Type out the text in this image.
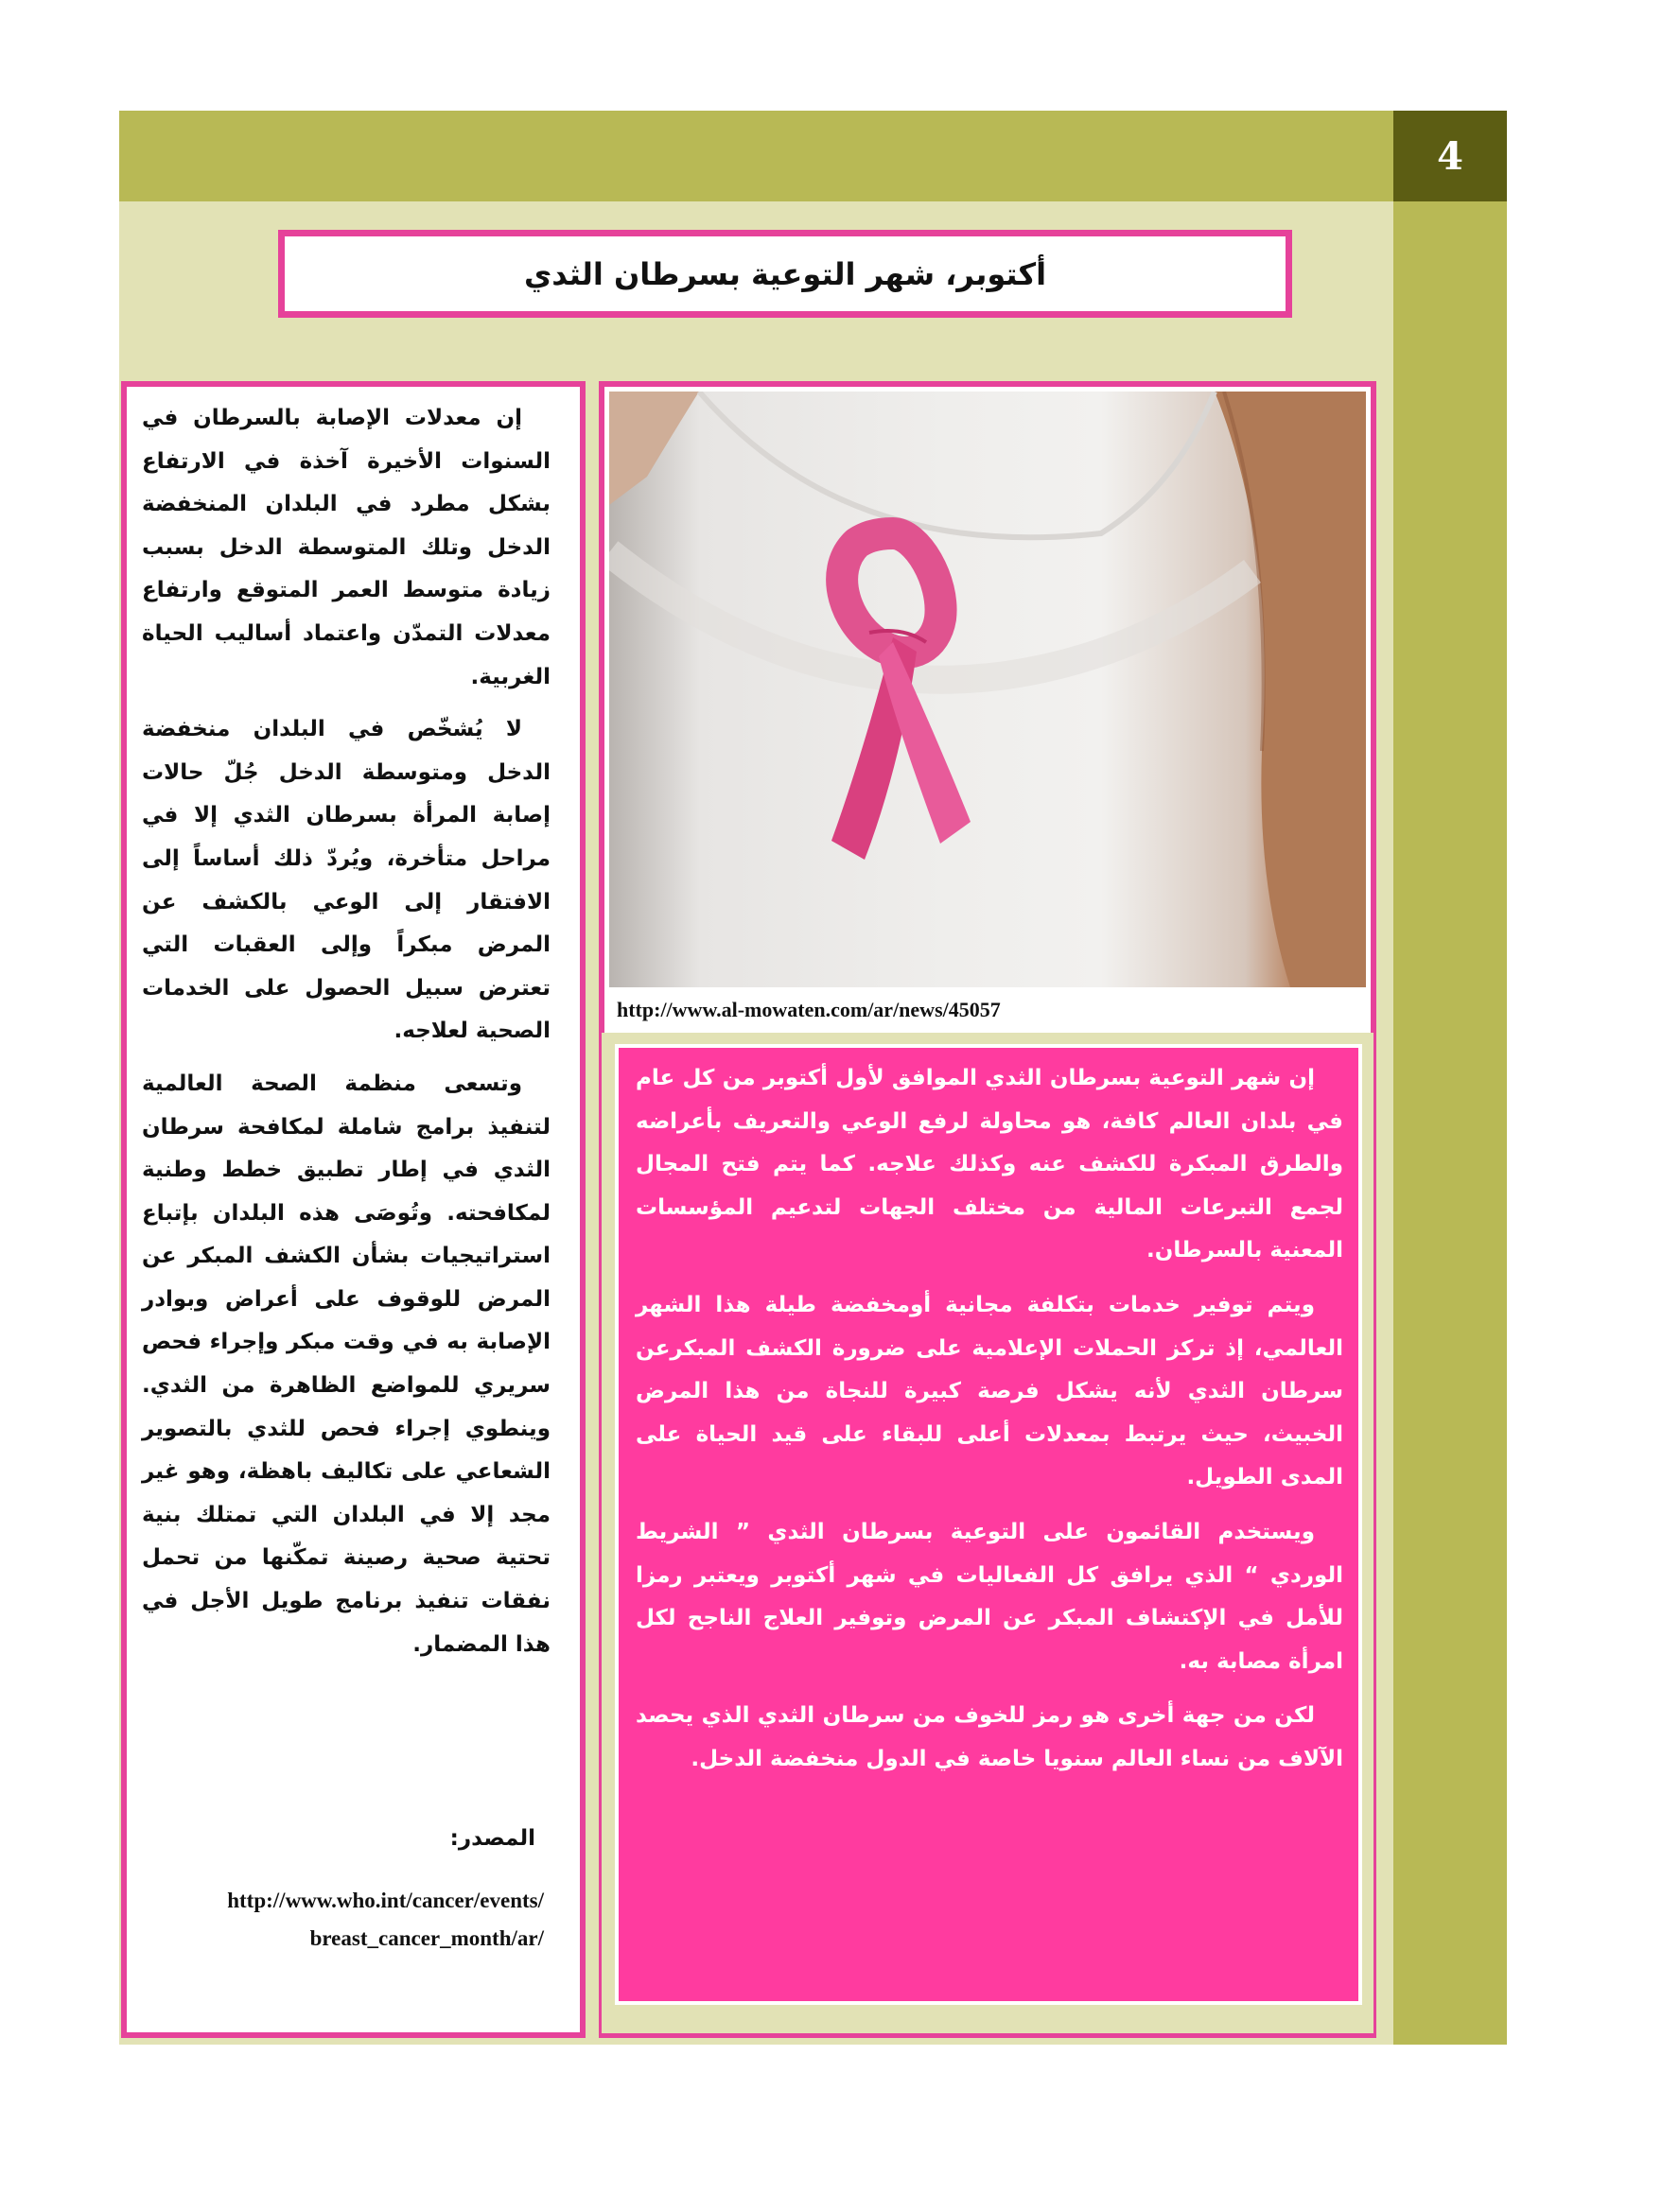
4
أكتوبر، شهر التوعية بسرطان الثدي

إن معدلات الإصابة بالسرطان في السنوات الأخيرة آخذة في الارتفاع بشكل مطرد في البلدان المنخفضة الدخل وتلك المتوسطة الدخل بسبب زيادة متوسط العمر المتوقع وارتفاع معدلات التمدّن واعتماد أساليب الحياة الغربية.

لا يُشخّص في البلدان منخفضة الدخل ومتوسطة الدخل جُلّ حالات إصابة المرأة بسرطان الثدي إلا في مراحل متأخرة، ويُردّ ذلك أساساً إلى الافتقار إلى الوعي بالكشف عن المرض مبكراً وإلى العقبات التي تعترض سبيل الحصول على الخدمات الصحية لعلاجه.

وتسعى منظمة الصحة العالمية لتنفيذ برامج شاملة لمكافحة سرطان الثدي في إطار تطبيق خطط وطنية لمكافحته. وتُوصَى هذه البلدان بإتباع استراتيجيات بشأن الكشف المبكر عن المرض للوقوف على أعراض وبوادر الإصابة به في وقت مبكر وإجراء فحص سريري للمواضع الظاهرة من الثدي. وينطوي إجراء فحص للثدي بالتصوير الشعاعي على تكاليف باهظة، وهو غير مجد إلا في البلدان التي تمتلك بنية تحتية صحية رصينة تمكّنها من تحمل نفقات تنفيذ برنامج طويل الأجل في هذا المضمار.

المصدر:
http://www.who.int/cancer/events/
breast_cancer_month/ar/
http://www.al-mowaten.com/ar/news/45057

إن شهر التوعية بسرطان الثدي الموافق لأول أكتوبر من كل عام في بلدان العالم كافة، هو محاولة لرفع الوعي والتعريف بأعراضه والطرق المبكرة للكشف عنه وكذلك علاجه. كما يتم فتح المجال لجمع التبرعات المالية من مختلف الجهات لتدعيم المؤسسات المعنية بالسرطان.

ويتم توفير خدمات بتكلفة مجانية أومخفضة طيلة هذا الشهر العالمي، إذ تركز الحملات الإعلامية على ضرورة الكشف المبكرعن سرطان الثدي لأنه يشكل فرصة كبيرة للنجاة من هذا المرض الخبيث، حيث يرتبط بمعدلات أعلى للبقاء على قيد الحياة على المدى الطويل.

ويستخدم القائمون على التوعية بسرطان الثدي ” الشريط الوردي “ الذي يرافق كل الفعاليات في شهر أكتوبر ويعتبر رمزا للأمل في الإكتشاف المبكر عن المرض وتوفير العلاج الناجح لكل امرأة مصابة به.

لكن من جهة أخرى هو رمز للخوف من سرطان الثدي الذي يحصد الآلاف من نساء العالم سنويا خاصة في الدول منخفضة الدخل.
